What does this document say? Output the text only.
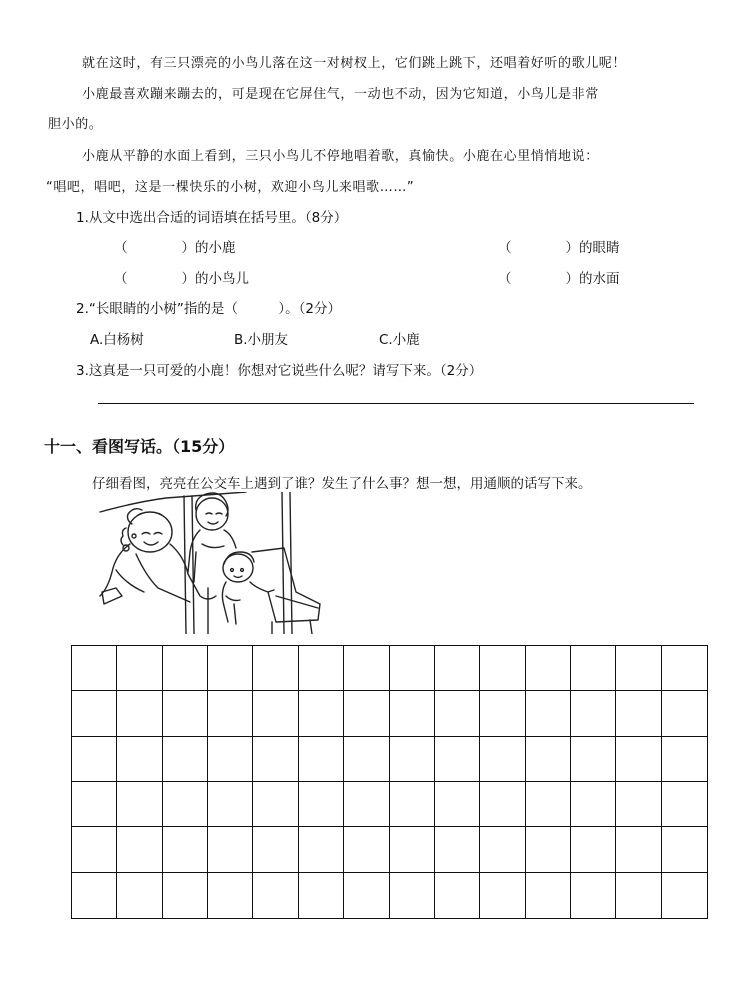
就在这时，有三只漂亮的小鸟儿落在这一对树杈上，它们跳上跳下，还唱着好听的歌儿呢！
小鹿最喜欢蹦来蹦去的，可是现在它屏住气，一动也不动，因为它知道，小鸟儿是非常
胆小的。
小鹿从平静的水面上看到，三只小鸟儿不停地唱着歌，真愉快。小鹿在心里悄悄地说：
“唱吧，唱吧，这是一棵快乐的小树，欢迎小鸟儿来唱歌……”
1.从文中选出合适的词语填在括号里。（8分）
（　　　　）的小鹿	（　　　　）的眼睛
（　　　　）的小鸟儿	（　　　　）的水面
2.“长眼睛的小树”指的是（　　　）。（2分）
A.白杨树	B.小朋友	C.小鹿
3.这真是一只可爱的小鹿！你想对它说些什么呢？请写下来。（2分）
十一、看图写话。（15分）
仔细看图，亮亮在公交车上遇到了谁？发生了什么事？想一想，用通顺的话写下来。
